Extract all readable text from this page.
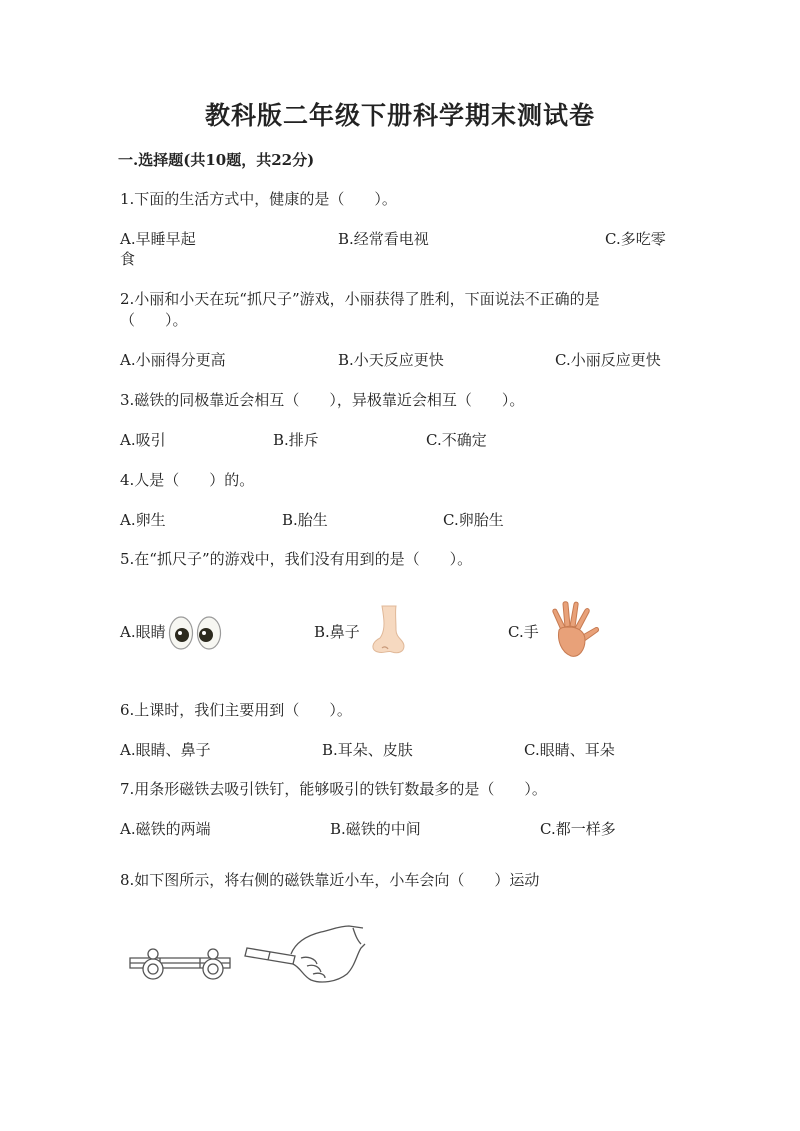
教科版二年级下册科学期末测试卷
一.选择题(共10题，共22分)
1.下面的生活方式中，健康的是（　　）。
A.早睡早起	B.经常看电视	C.多吃零
食
2.小丽和小天在玩“抓尺子”游戏，小丽获得了胜利，下面说法不正确的是
（　　）。
A.小丽得分更高	B.小天反应更快	C.小丽反应更快
3.磁铁的同极靠近会相互（　　），异极靠近会相互（　　）。
A.吸引	B.排斥	C.不确定
4.人是（　　）的。
A.卵生	B.胎生	C.卵胎生
5.在“抓尺子”的游戏中，我们没有用到的是（　　）。
A.眼睛	B.鼻子	C.手
6.上课时，我们主要用到（　　）。
A.眼睛、鼻子	B.耳朵、皮肤	C.眼睛、耳朵
7.用条形磁铁去吸引铁钉，能够吸引的铁钉数最多的是（　　）。
A.磁铁的两端	B.磁铁的中间	C.都一样多
8.如下图所示，将右侧的磁铁靠近小车，小车会向（　　）运动
